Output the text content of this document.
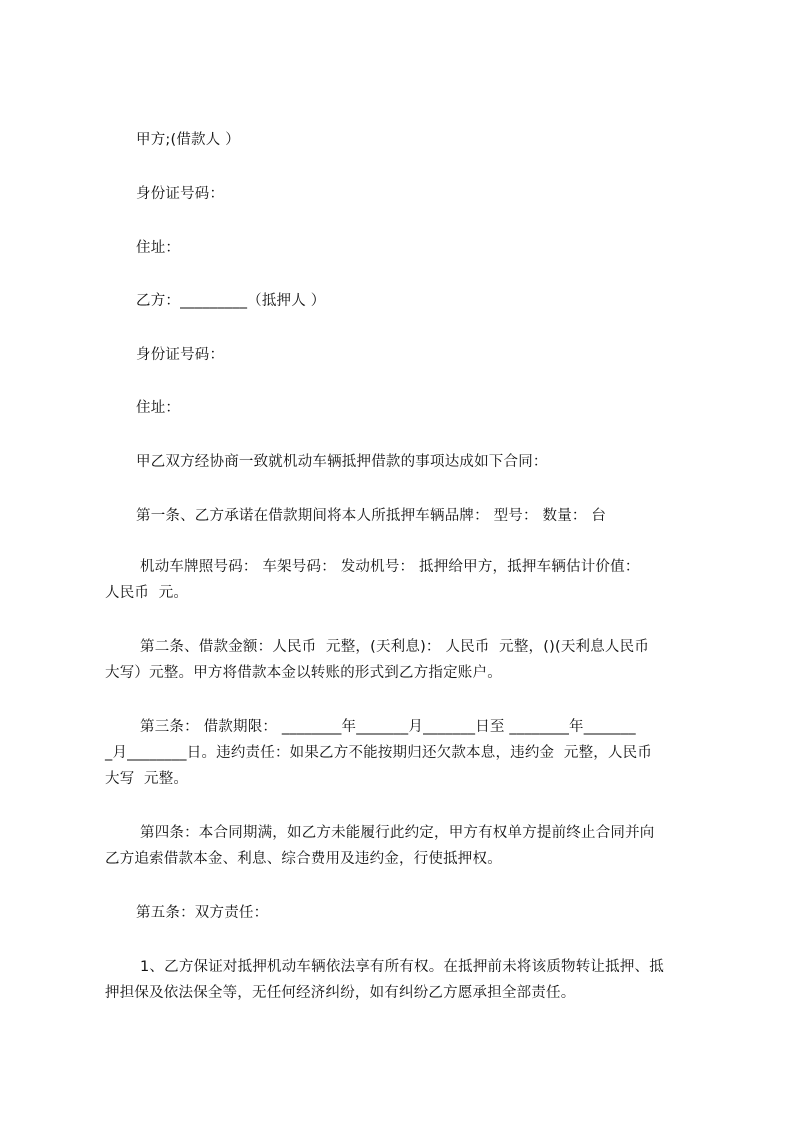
甲方;(借款人 ）
身份证号码：
住址：
乙方：_________（抵押人 ）
身份证号码：
住址：
甲乙双方经协商一致就机动车辆抵押借款的事项达成如下合同：
第一条、乙方承诺在借款期间将本人所抵押车辆品牌： 型号： 数量： 台
机动车牌照号码： 车架号码： 发动机号： 抵押给甲方，抵押车辆估计价值：
人民币  元。
第二条、借款金额：人民币  元整，(天利息)： 人民币  元整，()(天利息人民币
大写）元整。甲方将借款本金以转账的形式到乙方指定账户。
第三条： 借款期限： ________年_______月_______日至 ________年_______
_月________日。违约责任：如果乙方不能按期归还欠款本息，违约金  元整，人民币
大写  元整。
第四条：本合同期满，如乙方未能履行此约定，甲方有权单方提前终止合同并向
乙方追索借款本金、利息、综合费用及违约金，行使抵押权。
第五条：双方责任：
1、乙方保证对抵押机动车辆依法享有所有权。在抵押前未将该质物转让抵押、抵
押担保及依法保全等，无任何经济纠纷，如有纠纷乙方愿承担全部责任。
